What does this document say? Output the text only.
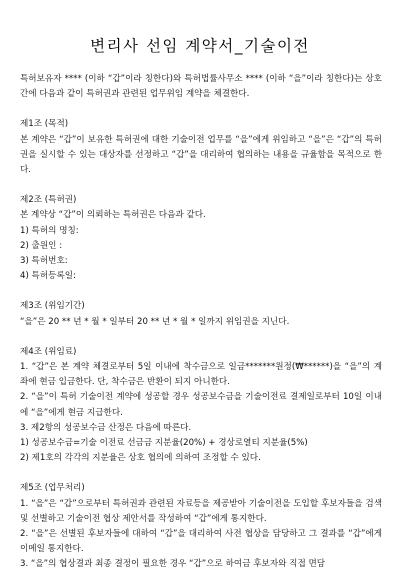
변리사 선임 계약서_기술이전

특허보유자 **** (이하 “갑”이라 칭한다)와 특허법률사무소 **** (이하 “을”이라 칭한다)는 상호간에 다음과 같이 특허권과 관련된 업무위임 계약을 체결한다.

제1조 (목적)

본 계약은 “갑”이 보유한 특허권에 대한 기술이전 업무를 “을”에게 위임하고 “을”은 “갑”의 특허권을 실시할 수 있는 대상자를 선정하고 “갑”을 대리하여 협의하는 내용을 규율함을 목적으로 한다.

제2조 (특허권)

본 계약상 “갑”이 의뢰하는 특허권은 다음과 같다.

1) 특허의 명칭:

2) 출원인 :

3) 특허번호:

4) 특허등록일:

제3조 (위임기간)

“을”은 20 ** 년 * 월 * 일부터 20 ** 년 * 월 * 일까지 위임권을 지닌다.

제4조 (위임료)

1. “갑”은 본 계약 체결로부터 5일 이내에 착수금으로 일금*******원정(₩******)을 “을”의 계좌에 현금 입금한다. 단, 착수금은 반환이 되지 아니한다.

2. “을”이 특허 기술이전 계약에 성공할 경우 성공보수금을 기술이전료 결제일로부터 10일 이내에 “을”에게 현금 지급한다.

3. 제2항의 성공보수금 산정은 다음에 따른다.

1) 성공보수금=기술 이전료 선금금 지분율(20%) + 경상로열티 지분율(5%)

2) 제1호의 각각의 지분율은 상호 협의에 의하여 조정할 수 있다.

제5조 (업무처리)

1. “을”은 “갑”으로부터 특허권과 관련된 자료등을 제공받아 기술이전을 도입할 후보자들을 검색 및 선별하고 기술이전 협상 제안서를 작성하여 “갑”에게 통지한다.

2. “을”은 선별된 후보자들에 대하여 “갑”을 대리하여 사전 협상을 담당하고 그 결과를 “갑”에게 이메일 통지한다.

3. “을”의 협상결과 최종 결정이 필요한 경우 “갑”으로 하여금 후보자와 직접 면담
